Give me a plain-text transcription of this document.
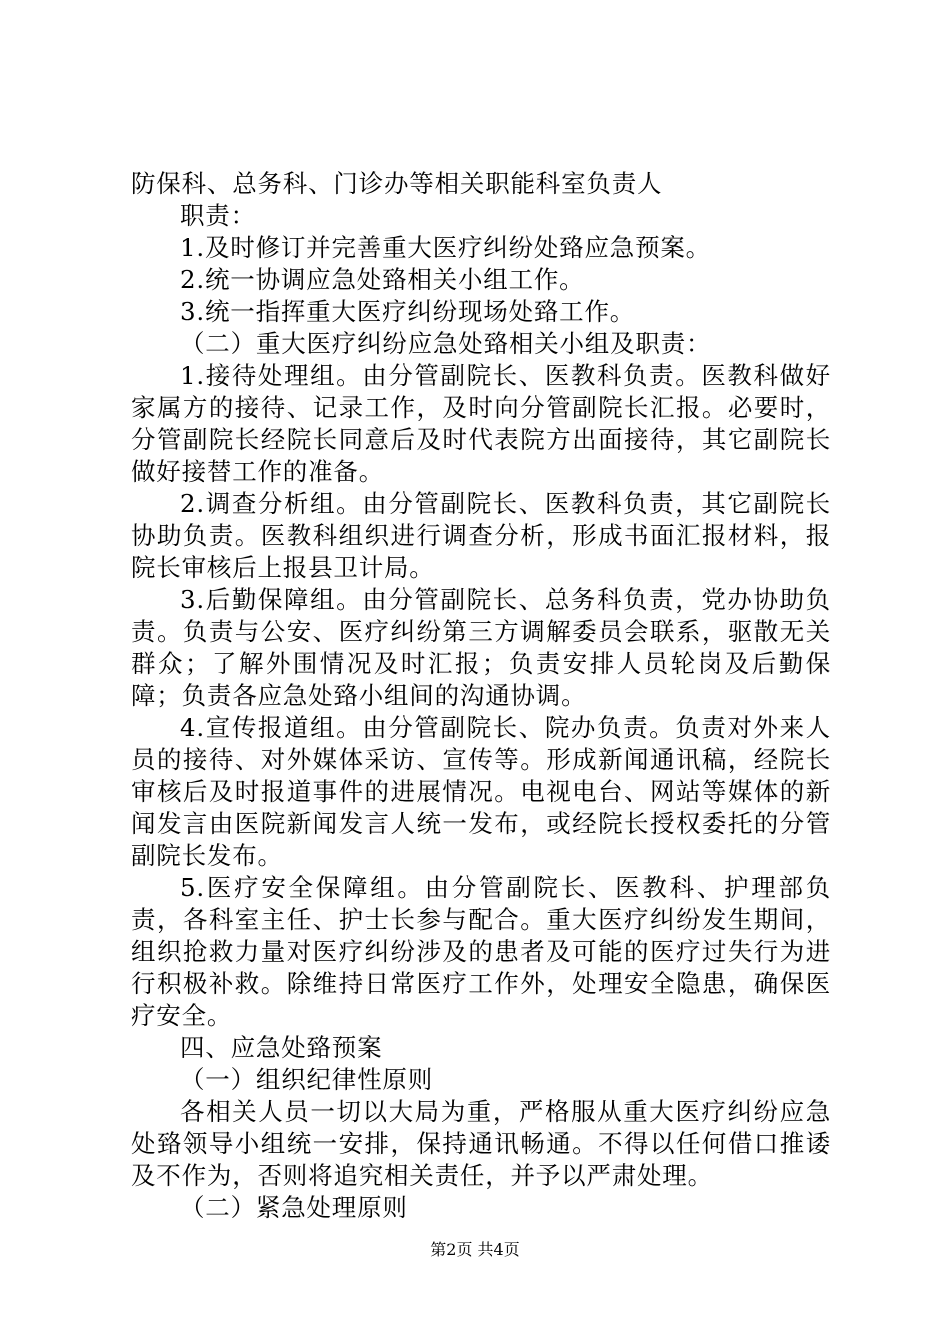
防保科、总务科、门诊办等相关职能科室负责人

职责：

1.及时修订并完善重大医疗纠纷处臵应急预案。

2.统一协调应急处臵相关小组工作。

3.统一指挥重大医疗纠纷现场处臵工作。

（二）重大医疗纠纷应急处臵相关小组及职责：

1.接待处理组。由分管副院长、医教科负责。医教科做好家属方的接待、记录工作，及时向分管副院长汇报。必要时，分管副院长经院长同意后及时代表院方出面接待，其它副院长做好接替工作的准备。

2.调查分析组。由分管副院长、医教科负责，其它副院长协助负责。医教科组织进行调查分析，形成书面汇报材料，报院长审核后上报县卫计局。

3.后勤保障组。由分管副院长、总务科负责，党办协助负责。负责与公安、医疗纠纷第三方调解委员会联系，驱散无关群众；了解外围情况及时汇报；负责安排人员轮岗及后勤保障；负责各应急处臵小组间的沟通协调。

4.宣传报道组。由分管副院长、院办负责。负责对外来人员的接待、对外媒体采访、宣传等。形成新闻通讯稿，经院长审核后及时报道事件的进展情况。电视电台、网站等媒体的新闻发言由医院新闻发言人统一发布，或经院长授权委托的分管副院长发布。

5.医疗安全保障组。由分管副院长、医教科、护理部负责，各科室主任、护士长参与配合。重大医疗纠纷发生期间，组织抢救力量对医疗纠纷涉及的患者及可能的医疗过失行为进行积极补救。除维持日常医疗工作外，处理安全隐患，确保医疗安全。

四、应急处臵预案

（一）组织纪律性原则

各相关人员一切以大局为重，严格服从重大医疗纠纷应急处臵领导小组统一安排，保持通讯畅通。不得以任何借口推诿及不作为，否则将追究相关责任，并予以严肃处理。

（二）紧急处理原则

第2页 共4页
